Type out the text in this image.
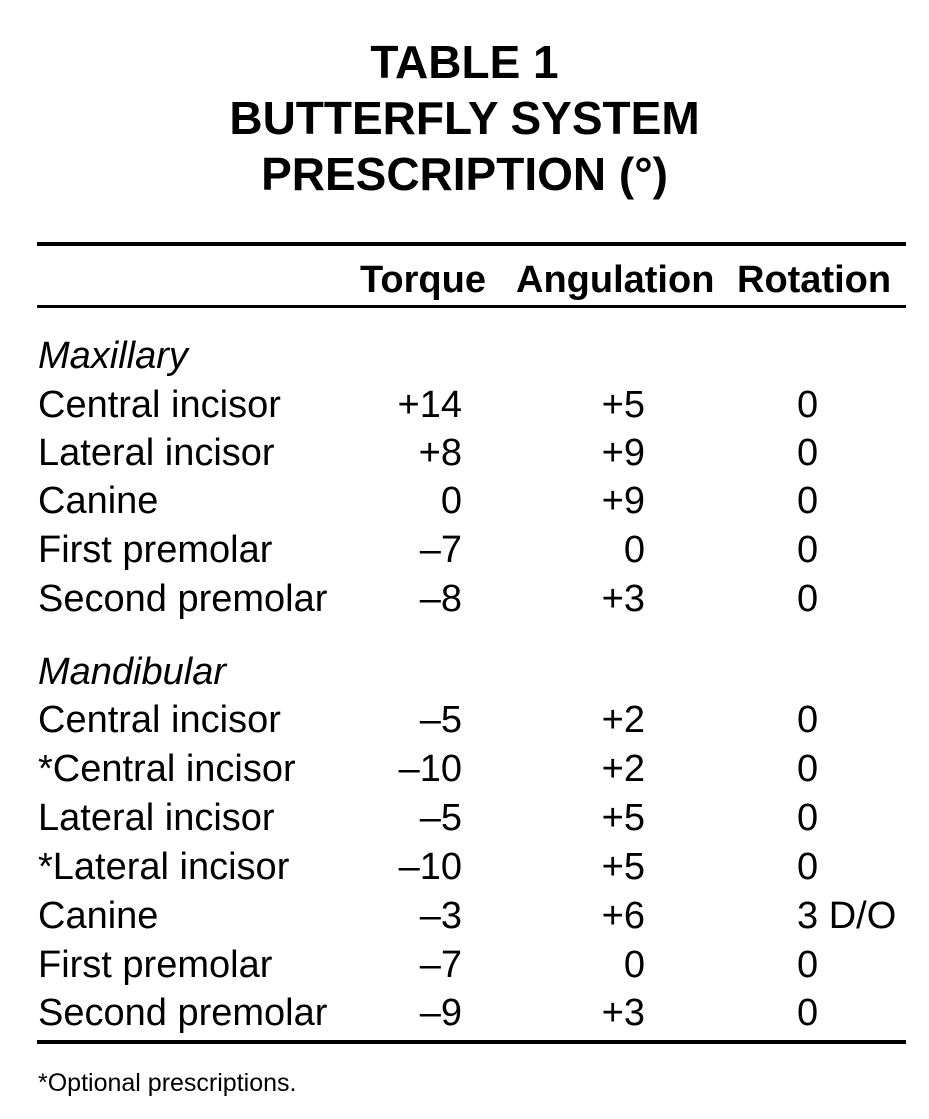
TABLE 1
BUTTERFLY SYSTEM
PRESCRIPTION (°)
Torque Angulation Rotation
Maxillary
Central incisor	+14	+5	0
Lateral incisor	+8	+9	0
Canine	0	+9	0
First premolar	–7	0	0
Second premolar –8	+3	0
Mandibular
Central incisor	–5	+2	0
*Central incisor	–10	+2	0
Lateral incisor	–5	+5	0
*Lateral incisor	–10	+5	0
Canine	–3	+6	3 D/O
First premolar	–7	0	0
Second premolar –9	+3	0
*Optional prescriptions.
